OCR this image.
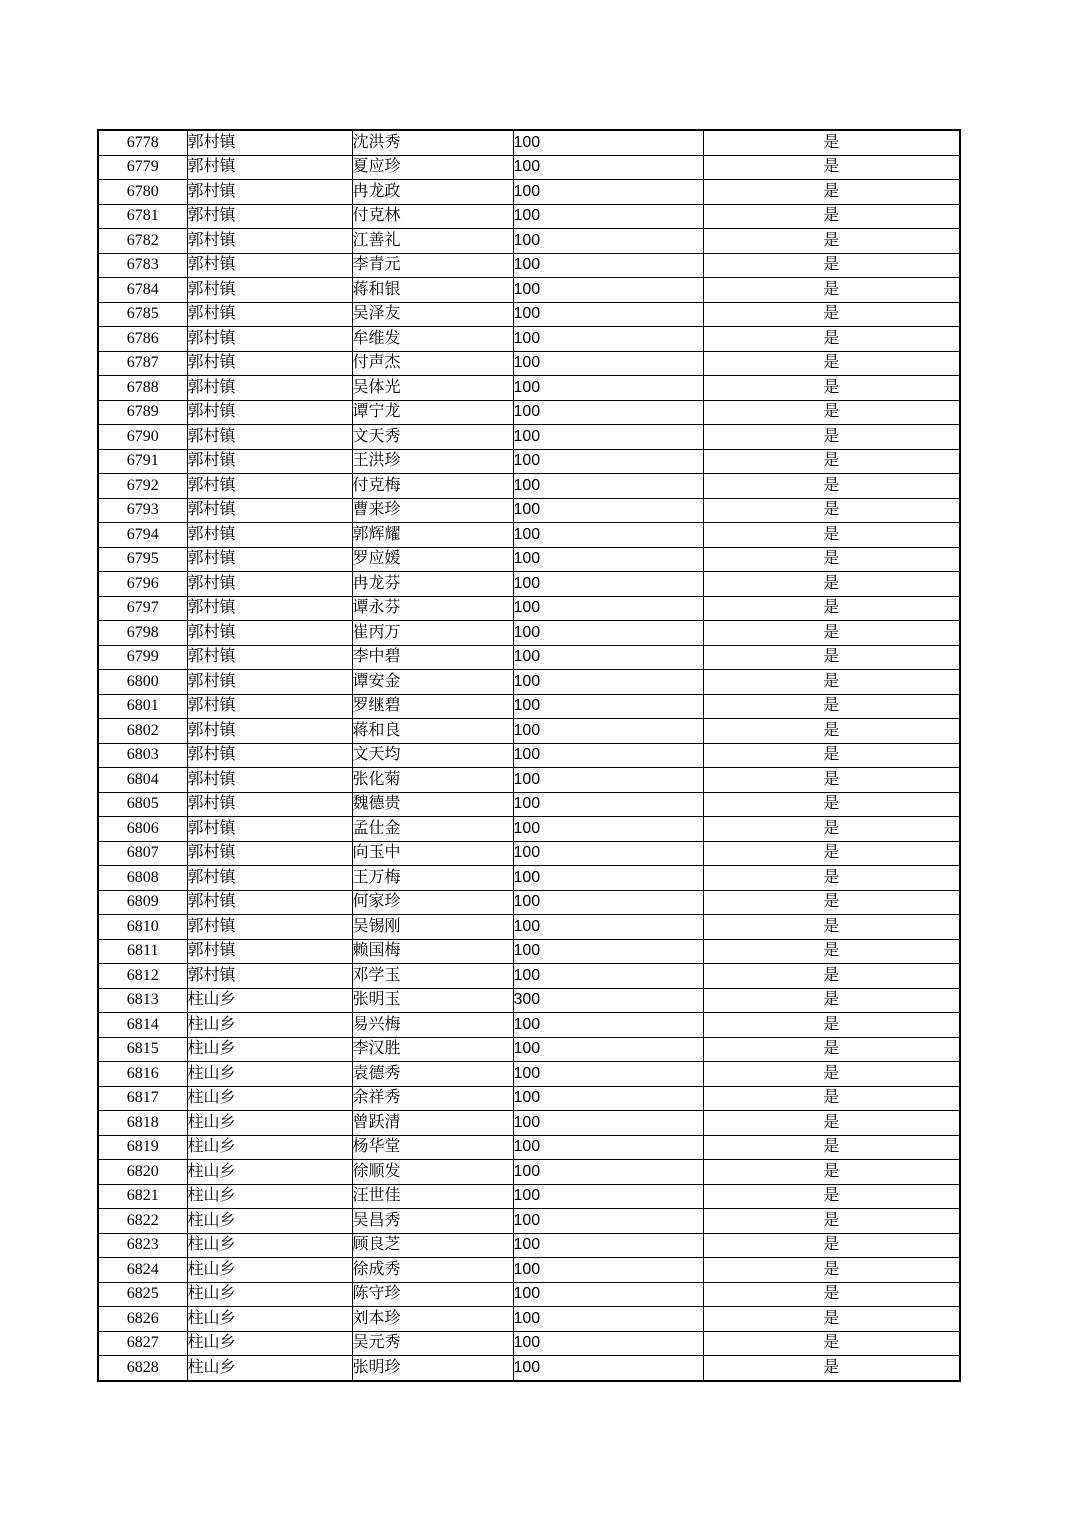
6778	郭村镇	沈洪秀	100	是
6779	郭村镇	夏应珍	100	是
6780	郭村镇	冉龙政	100	是
6781	郭村镇	付克林	100	是
6782	郭村镇	江善礼	100	是
6783	郭村镇	李青元	100	是
6784	郭村镇	蒋和银	100	是
6785	郭村镇	吴泽友	100	是
6786	郭村镇	牟维发	100	是
6787	郭村镇	付声杰	100	是
6788	郭村镇	吴体光	100	是
6789	郭村镇	谭宁龙	100	是
6790	郭村镇	文天秀	100	是
6791	郭村镇	王洪珍	100	是
6792	郭村镇	付克梅	100	是
6793	郭村镇	曹来珍	100	是
6794	郭村镇	郭辉耀	100	是
6795	郭村镇	罗应媛	100	是
6796	郭村镇	冉龙芬	100	是
6797	郭村镇	谭永芬	100	是
6798	郭村镇	崔丙万	100	是
6799	郭村镇	李中碧	100	是
6800	郭村镇	谭安金	100	是
6801	郭村镇	罗继碧	100	是
6802	郭村镇	蒋和良	100	是
6803	郭村镇	文天均	100	是
6804	郭村镇	张化菊	100	是
6805	郭村镇	魏德贵	100	是
6806	郭村镇	孟仕金	100	是
6807	郭村镇	向玉中	100	是
6808	郭村镇	王万梅	100	是
6809	郭村镇	何家珍	100	是
6810	郭村镇	吴锡刚	100	是
6811	郭村镇	赖国梅	100	是
6812	郭村镇	邓学玉	100	是
6813	柱山乡	张明玉	300	是
6814	柱山乡	易兴梅	100	是
6815	柱山乡	李汉胜	100	是
6816	柱山乡	袁德秀	100	是
6817	柱山乡	余祥秀	100	是
6818	柱山乡	曾跃清	100	是
6819	柱山乡	杨华堂	100	是
6820	柱山乡	徐顺发	100	是
6821	柱山乡	汪世佳	100	是
6822	柱山乡	吴昌秀	100	是
6823	柱山乡	顾良芝	100	是
6824	柱山乡	徐成秀	100	是
6825	柱山乡	陈守珍	100	是
6826	柱山乡	刘本珍	100	是
6827	柱山乡	吴元秀	100	是
6828	柱山乡	张明珍	100	是
